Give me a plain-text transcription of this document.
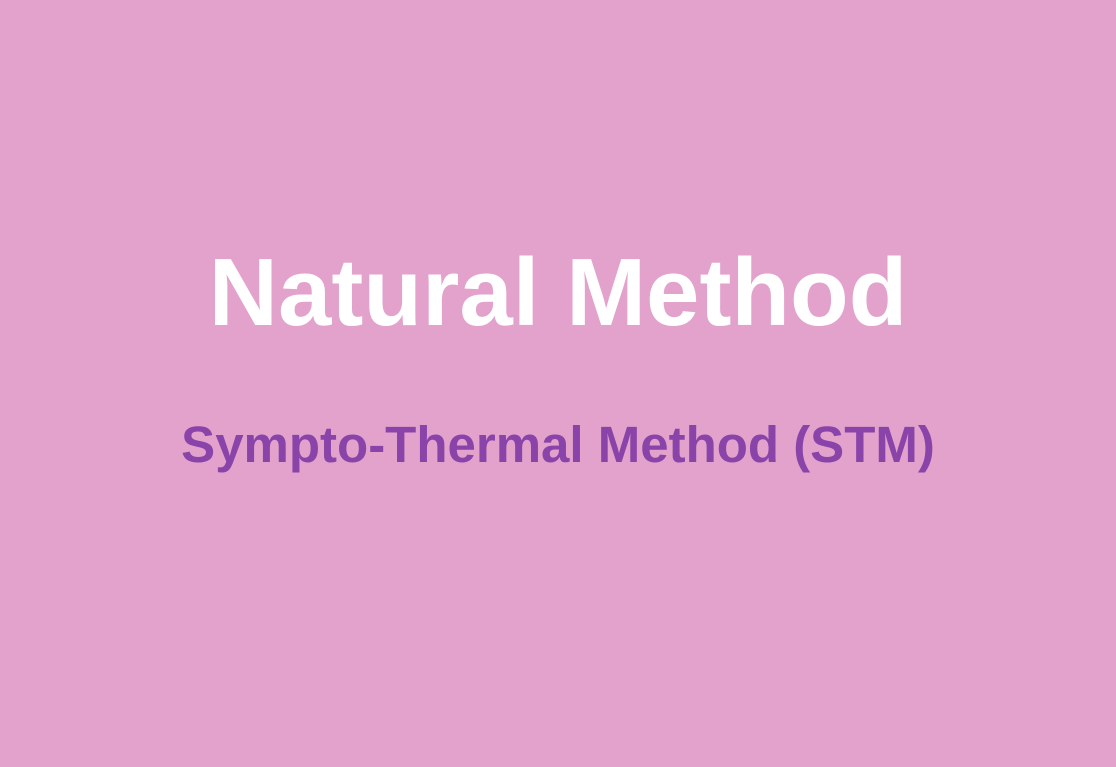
Natural Method
Sympto-Thermal Method (STM)
